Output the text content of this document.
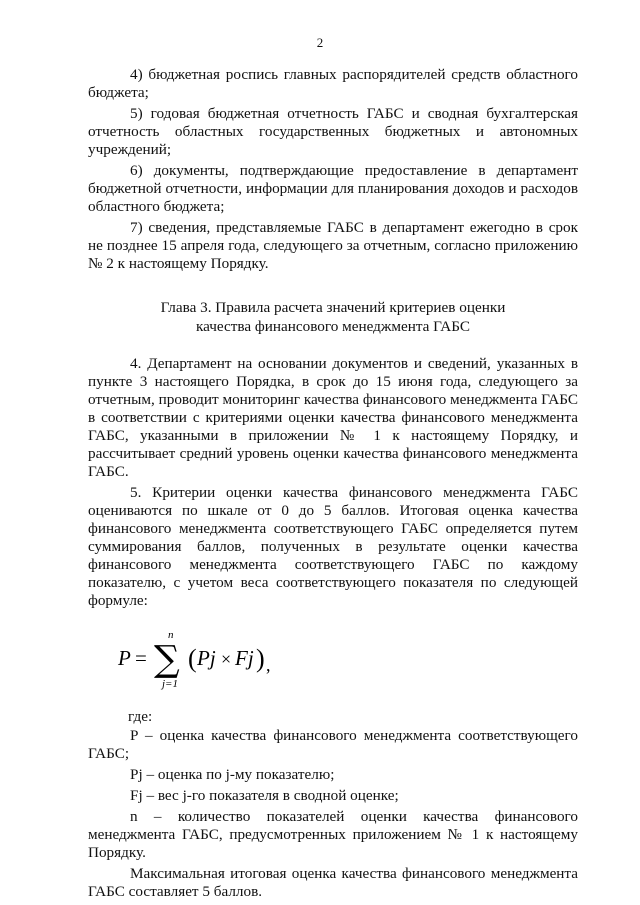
2

4) бюджетная роспись главных распорядителей средств областного бюджета;

5) годовая бюджетная отчетность ГАБС и сводная бухгалтерская отчетность областных государственных бюджетных и автономных учреждений;

6) документы, подтверждающие предоставление в департамент бюджетной отчетности, информации для планирования доходов и расходов областного бюджета;

7) сведения, представляемые ГАБС в департамент ежегодно в срок не позднее 15 апреля года, следующего за отчетным, согласно приложению № 2 к настоящему Порядку.

Глава 3. Правила расчета значений критериев оценки
качества финансового менеджмента ГАБС

4. Департамент на основании документов и сведений, указанных в пункте 3 настоящего Порядка, в срок до 15 июня года, следующего за отчетным, проводит мониторинг качества финансового менеджмента ГАБС в соответствии с критериями оценки качества финансового менеджмента ГАБС, указанными в приложении № 1 к настоящему Порядку, и рассчитывает средний уровень оценки качества финансового менеджмента ГАБС.

5. Критерии оценки качества финансового менеджмента ГАБС оцениваются по шкале от 0 до 5 баллов. Итоговая оценка качества финансового менеджмента соответствующего ГАБС определяется путем суммирования баллов, полученных в результате оценки качества финансового менеджмента соответствующего ГАБС по каждому показателю, с учетом веса соответствующего показателя по следующей формуле:

P = ∑
n
j=1
( Pj × Fj ) ,

где:

P – оценка качества финансового менеджмента соответствующего ГАБС;

Pj – оценка по j-му показателю;

Fj – вес j-го показателя в сводной оценке;

n – количество показателей оценки качества финансового менеджмента ГАБС, предусмотренных приложением № 1 к настоящему Порядку.

Максимальная итоговая оценка качества финансового менеджмента ГАБС составляет 5 баллов.
